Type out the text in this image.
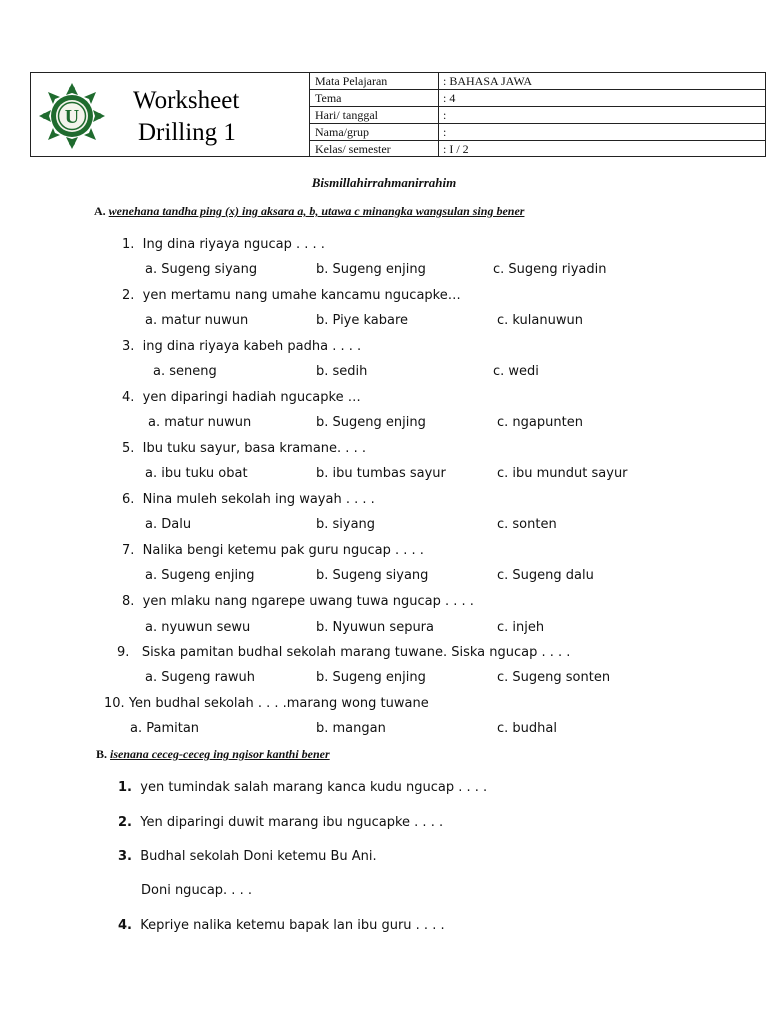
U
Worksheet
Drilling 1
Mata Pelajaran	: BAHASA JAWA
Tema	: 4
Hari/ tanggal	:
Nama/grup	:
Kelas/ semester	: I / 2
Bismillahirrahmanirrahim
A. wenehana tandha ping (x) ing aksara a, b, utawa c minangka wangsulan sing bener
1. Ing dina riyaya ngucap . . . .
a. Sugeng siyang	b. Sugeng enjing	c. Sugeng riyadin
2. yen mertamu nang umahe kancamu ngucapke…
a. matur nuwun	b. Piye kabare	c. kulanuwun
3. ing dina riyaya kabeh padha . . . .
a. seneng	b. sedih	c. wedi
4. yen diparingi hadiah ngucapke …
a. matur nuwun	b. Sugeng enjing	c. ngapunten
5. Ibu tuku sayur, basa kramane. . . .
a. ibu tuku obat	b. ibu tumbas sayur	c. ibu mundut sayur
6.  Nina muleh sekolah ing wayah . . . .
a. Dalu	b. siyang	c. sonten
7. Nalika bengi ketemu pak guru ngucap . . . .
a. Sugeng enjing	b. Sugeng siyang	c. Sugeng dalu
8. yen mlaku nang ngarepe uwang tuwa ngucap . . . .
a. nyuwun sewu	b. Nyuwun sepura	c. injeh
9. Siska pamitan budhal sekolah marang tuwane. Siska ngucap . . . .
a. Sugeng rawuh	b. Sugeng enjing	c. Sugeng sonten
10. Yen budhal sekolah . . . .marang wong tuwane
a. Pamitan	b. mangan	c. budhal
B. isenana ceceg-ceceg ing ngisor kanthi bener
1. yen tumindak salah marang kanca kudu ngucap . . . .
2. Yen diparingi duwit marang ibu ngucapke . . . .
3. Budhal sekolah Doni ketemu Bu Ani.
Doni ngucap. . . .
4. Kepriye nalika ketemu bapak lan ibu guru . . . .
